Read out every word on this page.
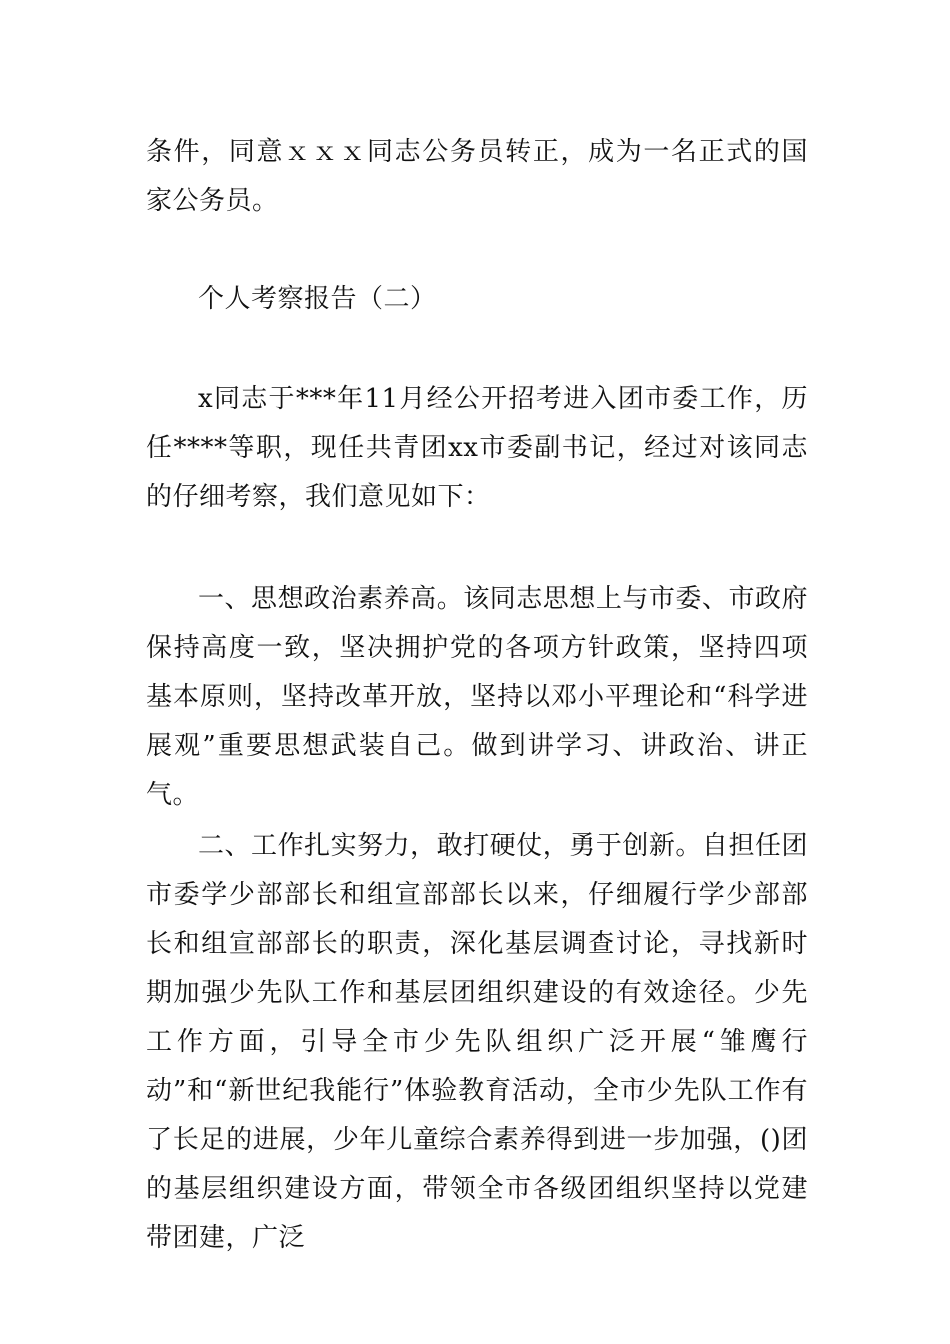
条件，同意ｘｘｘ同志公务员转正，成为一名正式的国家公务员。

个人考察报告（二）

x同志于***年11月经公开招考进入团市委工作，历任****等职，现任共青团xx市委副书记，经过对该同志的仔细考察，我们意见如下：

一、思想政治素养高。该同志思想上与市委、市政府保持高度一致，坚决拥护党的各项方针政策，坚持四项基本原则，坚持改革开放，坚持以邓小平理论和“科学进展观”重要思想武装自己。做到讲学习、讲政治、讲正气。

二、工作扎实努力，敢打硬仗，勇于创新。自担任团市委学少部部长和组宣部部长以来，仔细履行学少部部长和组宣部部长的职责，深化基层调查讨论，寻找新时期加强少先队工作和基层团组织建设的有效途径。少先工作方面，引导全市少先队组织广泛开展“雏鹰行动”和“新世纪我能行”体验教育活动，全市少先队工作有了长足的进展，少年儿童综合素养得到进一步加强，()团的基层组织建设方面，带领全市各级团组织坚持以党建带团建，广泛
